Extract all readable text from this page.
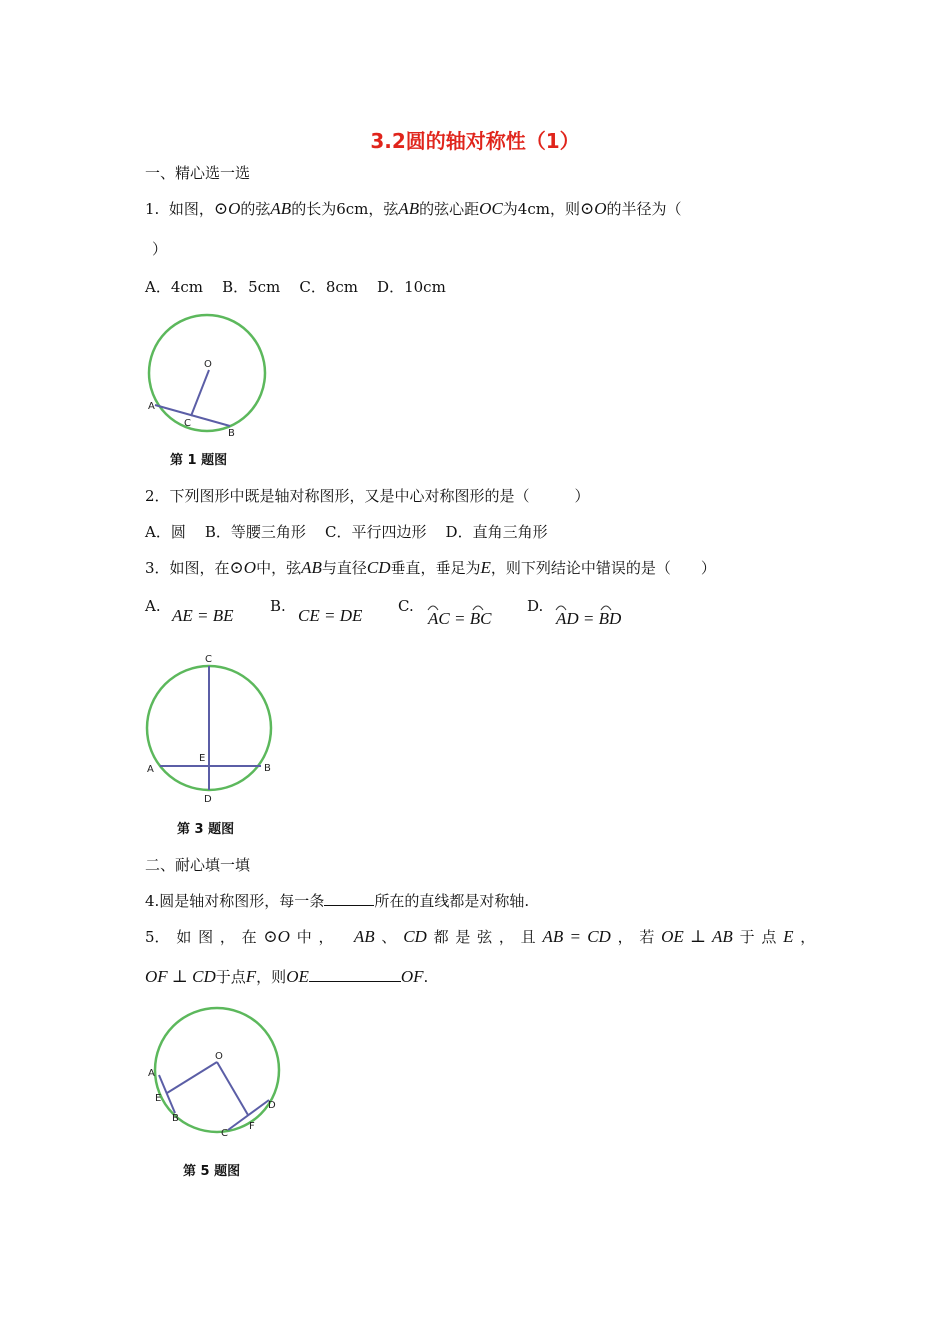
3.2圆的轴对称性（1）
一、精心选一选
1. 如图，⊙O的弦AB的长为6cm，弦AB的弦心距OC为4cm，则⊙O的半径为（
）
A．4cm    B．5cm    C．8cm    D．10cm
O
A
C
B
第 1 题图
2．下列图形中既是轴对称图形，又是中心对称图形的是（　　　）
A．圆    B．等腰三角形    C．平行四边形    D．直角三角形
3．如图，在⊙O中，弦AB与直径CD垂直，垂足为E，则下列结论中错误的是（　　）
A. AE = BE B. CE = DE C.
AC = BC
D.
AD = BD
C
E
A	B
D
第 3 题图
二、耐心填一填
4.圆是轴对称图形，每一条	所在的直线都是对称轴.
5． 如 图 ， 在 ⊙O 中 ， AB 、 CD 都 是 弦 ， 且 AB = CD ， 若 OE ⊥ AB 于 点 E ，
OF ⊥ CD于点F，则OE	OF.
O
A
E
B
C
F
D
第 5 题图
